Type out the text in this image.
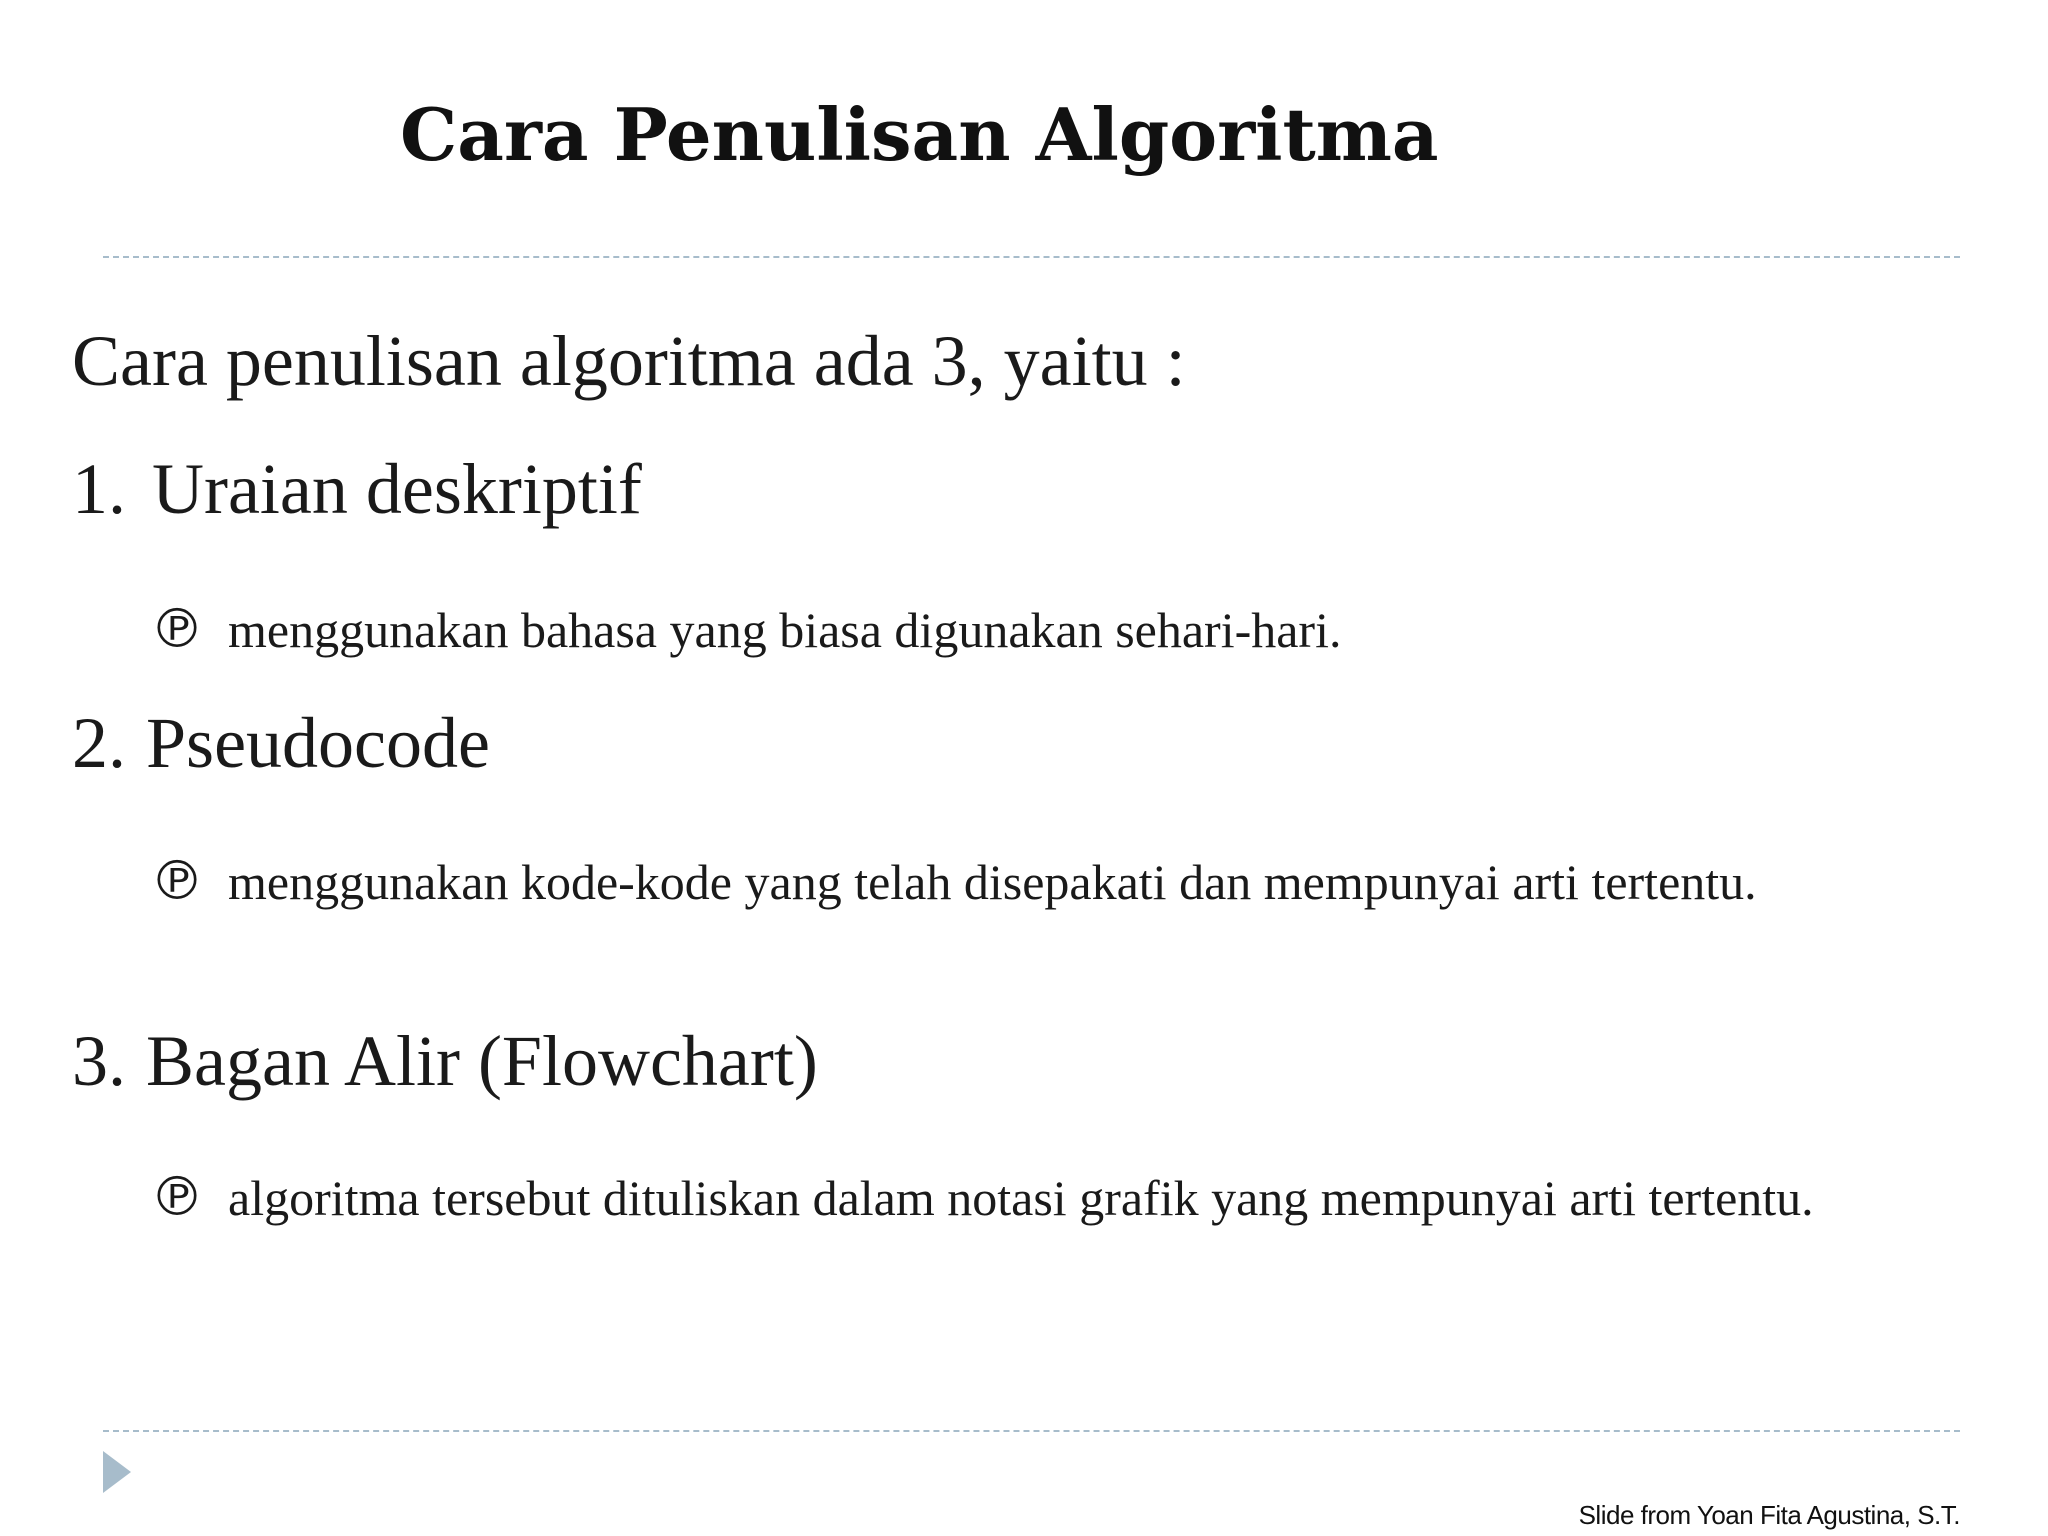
Cara Penulisan Algoritma
Cara penulisan algoritma ada 3, yaitu :
1. Uraian deskriptif
℗ menggunakan bahasa yang biasa digunakan sehari-hari.
2. Pseudocode
℗ menggunakan kode-kode yang telah disepakati dan mempunyai arti tertentu.
3. Bagan Alir (Flowchart)
℗ algoritma tersebut dituliskan dalam notasi grafik yang mempunyai arti tertentu.
Slide from Yoan Fita Agustina, S.T.
